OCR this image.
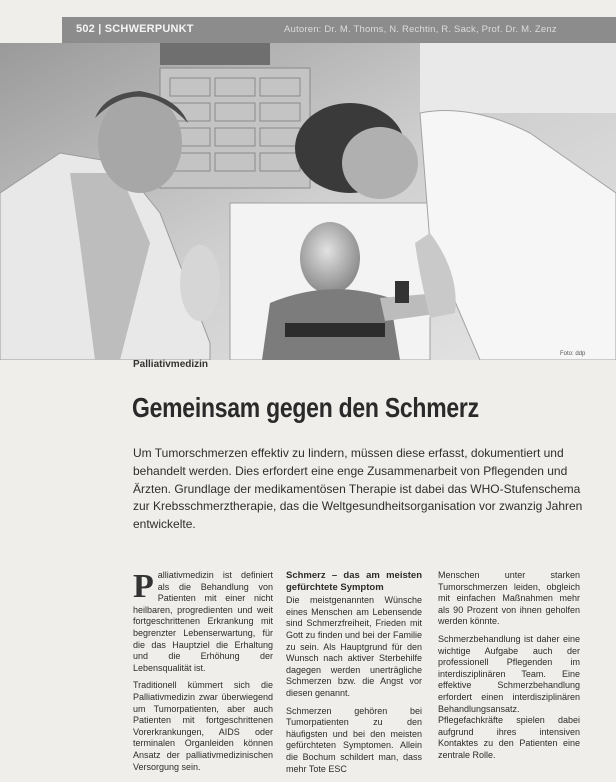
502 | SCHWERPUNKT	Autoren: Dr. M. Thoms, N. Rechtin, R. Sack, Prof. Dr. M. Zenz
Foto: ddp
Palliativmedizin
Gemeinsam gegen den Schmerz

Um Tumorschmerzen effektiv zu lindern, müssen diese erfasst, dokumentiert und behandelt werden. Dies erfordert eine enge Zusammenarbeit von Pflegenden und Ärzten. Grundlage der medikamentösen Therapie ist dabei das WHO-Stufenschema zur Krebsschmerztherapie, das die Weltgesundheitsorganisation vor zwanzig Jahren entwickelte.

Palliativmedizin ist definiert als die Behandlung von Patienten mit einer nicht heilbaren, progredienten und weit fortgeschrittenen Erkrankung mit begrenzter Lebenserwartung, für die das Hauptziel die Erhaltung und die Erhöhung der Lebensqualität ist.

Traditionell kümmert sich die Palliativmedizin zwar überwiegend um Tumorpatienten, aber auch Patienten mit fortgeschrittenen Vorerkrankungen, AIDS oder terminalen Organleiden können Ansatz der palliativmedizinischen Versorgung sein.

Schmerz – das am meisten gefürchtete Symptom

Die meistgenannten Wünsche eines Menschen am Lebensende sind Schmerzfreiheit, Frieden mit Gott zu finden und bei der Familie zu sein. Als Hauptgrund für den Wunsch nach aktiver Sterbehilfe dagegen werden unerträgliche Schmerzen bzw. die Angst vor diesen genannt.

Schmerzen gehören bei Tumorpatienten zu den häufigsten und bei den meisten gefürchteten Symptomen. Allein die Bochum schildert man, dass mehr Tote ESC

Menschen unter starken Tumorschmerzen leiden, obgleich mit einfachen Maßnahmen mehr als 90 Prozent von ihnen geholfen werden könnte.

Schmerzbehandlung ist daher eine wichtige Aufgabe auch der professionell Pflegenden im interdisziplinären Team. Eine effektive Schmerzbehandlung erfordert einen interdisziplinären Behandlungsansatz. Pflegefachkräfte spielen dabei aufgrund ihres intensiven Kontaktes zu den Patienten eine zentrale Rolle.
